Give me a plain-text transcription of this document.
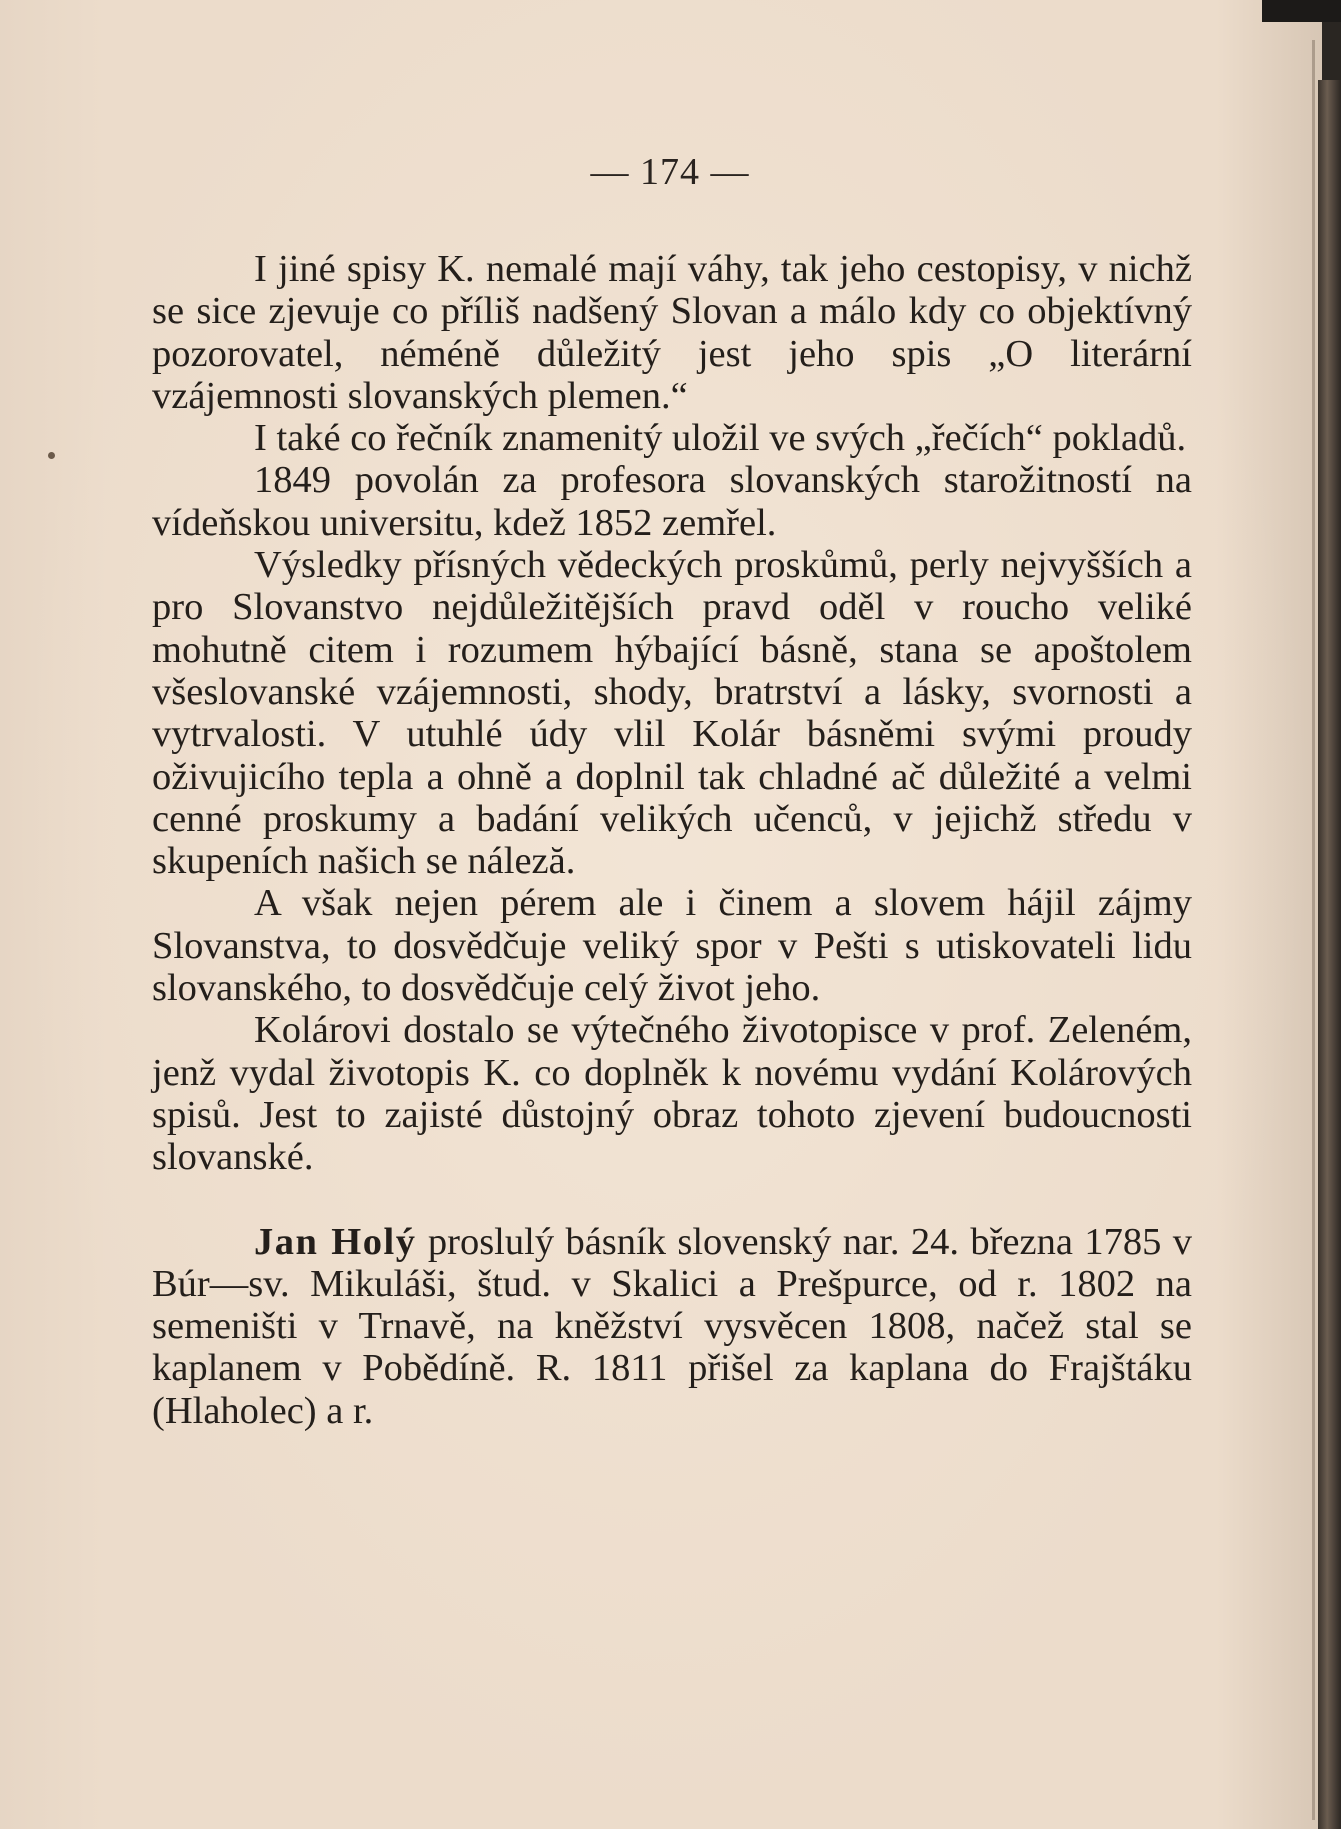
— 174 —

I jiné spisy K. nemalé mají váhy, tak jeho cestopisy, v nichž se sice zjevuje co příliš nadšený Slovan a málo kdy co objektívný pozorovatel, néméně důležitý jest jeho spis „O literární vzájemnosti slovanských plemen.“

I také co řečník znamenitý uložil ve svých „řečích“ pokladů.

1849 povolán za profesora slovanských starožitností na vídeňskou universitu, kdež 1852 zemřel.

Výsledky přísných vědeckých proskůmů, perly nejvyšších a pro Slovanstvo nejdůležitějších pravd oděl v roucho veliké mohutně citem i rozumem hýbající básně, stana se apoštolem všeslovanské vzájemnosti, shody, bratrství a lásky, svornosti a vytrvalosti. V utuhlé údy vlil Kolár básněmi svými proudy oživujicího tepla a ohně a doplnil tak chladné ač důležité a velmi cenné proskumy a badání velikých učenců, v jejichž středu v skupeních našich se náleză.

A však nejen pérem ale i činem a slovem hájil zájmy Slovanstva, to dosvědčuje veliký spor v Pešti s utiskovateli lidu slovanského, to dosvědčuje celý život jeho.

Kolárovi dostalo se výtečného životopisce v prof. Zeleném, jenž vydal životopis K. co doplněk k novému vydání Kolárových spisů. Jest to zajisté důstojný obraz tohoto zjevení budoucnosti slovanské.

Jan Holý proslulý básník slovenský nar. 24. března 1785 v Búr—sv. Mikuláši, štud. v Skalici a Prešpurce, od r. 1802 na semeništi v Trnavě, na kněžství vysvěcen 1808, načež stal se kaplanem v Pobědíně. R. 1811 přišel za kaplana do Frajštáku (Hlaholec) a r.
